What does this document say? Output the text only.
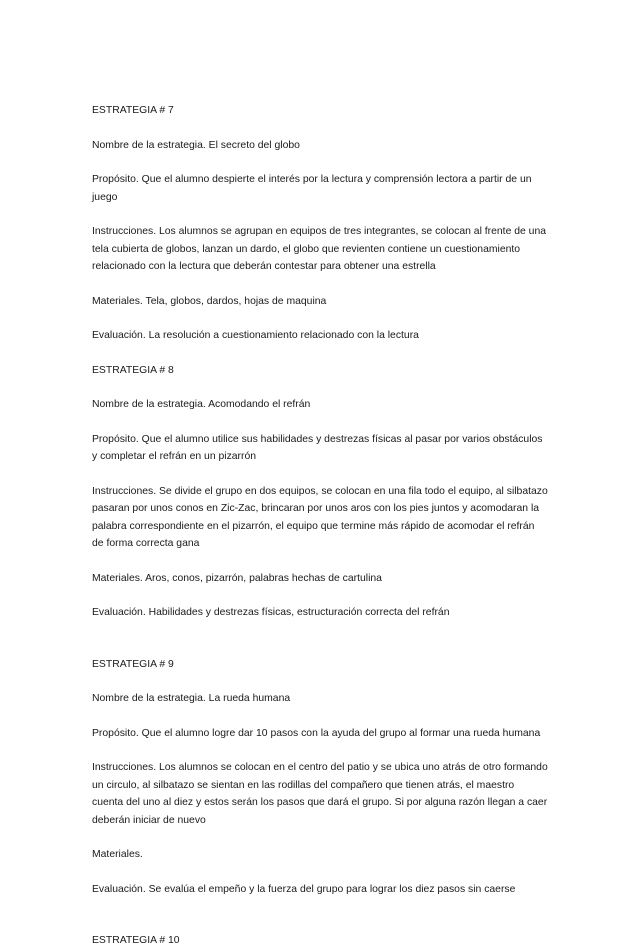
ESTRATEGIA # 7

Nombre de la estrategia. El secreto del globo

Propósito. Que el alumno despierte el interés por la lectura y comprensión lectora a partir de un juego

Instrucciones. Los alumnos se agrupan en equipos de tres integrantes, se colocan al frente de una tela cubierta de globos, lanzan un dardo, el globo que revienten contiene un cuestionamiento relacionado con la lectura que deberán contestar para obtener una estrella

Materiales. Tela, globos, dardos, hojas de maquina

Evaluación. La resolución a cuestionamiento relacionado con la lectura

ESTRATEGIA # 8

Nombre de la estrategia. Acomodando el refrán

Propósito. Que el alumno utilice sus habilidades y destrezas físicas al pasar por varios obstáculos y completar el refrán en un pizarrón

Instrucciones. Se divide el grupo en dos equipos, se colocan en una fila todo el equipo, al silbatazo pasaran por unos conos en Zic-Zac, brincaran por unos aros con los pies juntos y acomodaran la palabra correspondiente en el pizarrón, el equipo que termine más rápido de acomodar el refrán de forma correcta gana

Materiales. Aros, conos, pizarrón, palabras hechas de cartulina

Evaluación. Habilidades y destrezas físicas, estructuración correcta del refrán

ESTRATEGIA # 9

Nombre de la estrategia. La rueda humana

Propósito. Que el alumno logre dar 10 pasos con la ayuda del grupo al formar una rueda humana

Instrucciones. Los alumnos se colocan en el centro del patio y se ubica uno atrás de otro formando un circulo, al silbatazo se sientan en las rodillas del compañero que tienen atrás, el maestro cuenta del uno al diez y estos serán los pasos que dará el grupo. Si por alguna razón llegan a caer deberán iniciar de nuevo

Materiales.

Evaluación. Se evalúa el empeño y la fuerza del grupo para lograr los diez pasos sin caerse

ESTRATEGIA # 10
